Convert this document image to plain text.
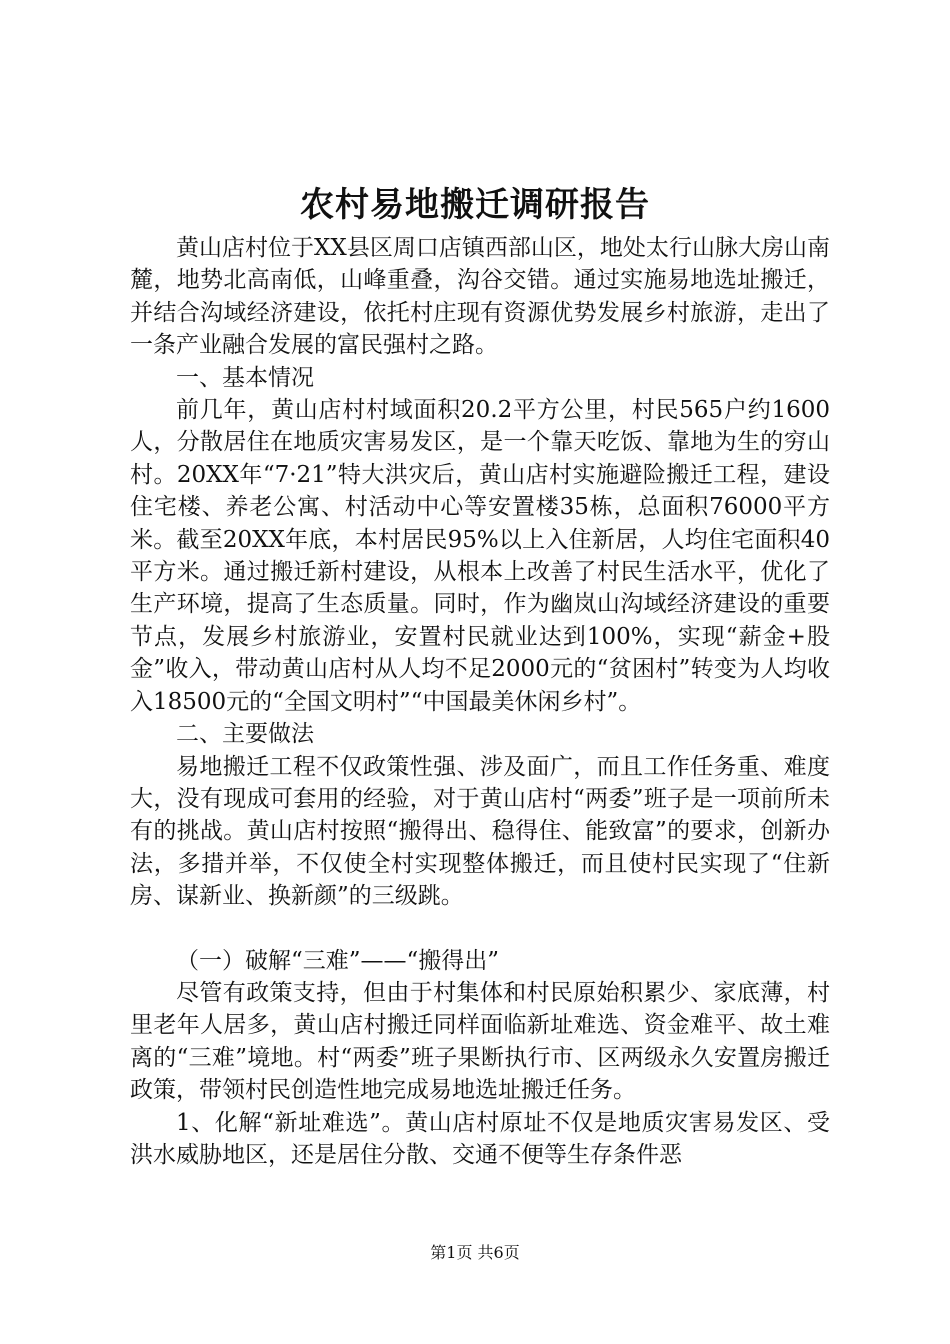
农村易地搬迁调研报告

黄山店村位于XX县区周口店镇西部山区，地处太行山脉大房山南麓，地势北高南低，山峰重叠，沟谷交错。通过实施易地选址搬迁，并结合沟域经济建设，依托村庄现有资源优势发展乡村旅游，走出了一条产业融合发展的富民强村之路。

一、基本情况

前几年，黄山店村村域面积20.2平方公里，村民565户约1600人，分散居住在地质灾害易发区，是一个靠天吃饭、靠地为生的穷山村。20XX年“7·21”特大洪灾后，黄山店村实施避险搬迁工程，建设住宅楼、养老公寓、村活动中心等安置楼35栋，总面积76000平方米。截至20XX年底，本村居民95%以上入住新居，人均住宅面积40平方米。通过搬迁新村建设，从根本上改善了村民生活水平，优化了生产环境，提高了生态质量。同时，作为幽岚山沟域经济建设的重要节点，发展乡村旅游业，安置村民就业达到100%，实现“薪金+股金”收入，带动黄山店村从人均不足2000元的“贫困村”转变为人均收入18500元的“全国文明村”“中国最美休闲乡村”。

二、主要做法

易地搬迁工程不仅政策性强、涉及面广，而且工作任务重、难度大，没有现成可套用的经验，对于黄山店村“两委”班子是一项前所未有的挑战。黄山店村按照“搬得出、稳得住、能致富”的要求，创新办法，多措并举，不仅使全村实现整体搬迁，而且使村民实现了“住新房、谋新业、换新颜”的三级跳。

（一）破解“三难”——“搬得出”

尽管有政策支持，但由于村集体和村民原始积累少、家底薄，村里老年人居多，黄山店村搬迁同样面临新址难选、资金难平、故土难离的“三难”境地。村“两委”班子果断执行市、区两级永久安置房搬迁政策，带领村民创造性地完成易地选址搬迁任务。

1、化解“新址难选”。黄山店村原址不仅是地质灾害易发区、受洪水威胁地区，还是居住分散、交通不便等生存条件恶

第1页 共6页
